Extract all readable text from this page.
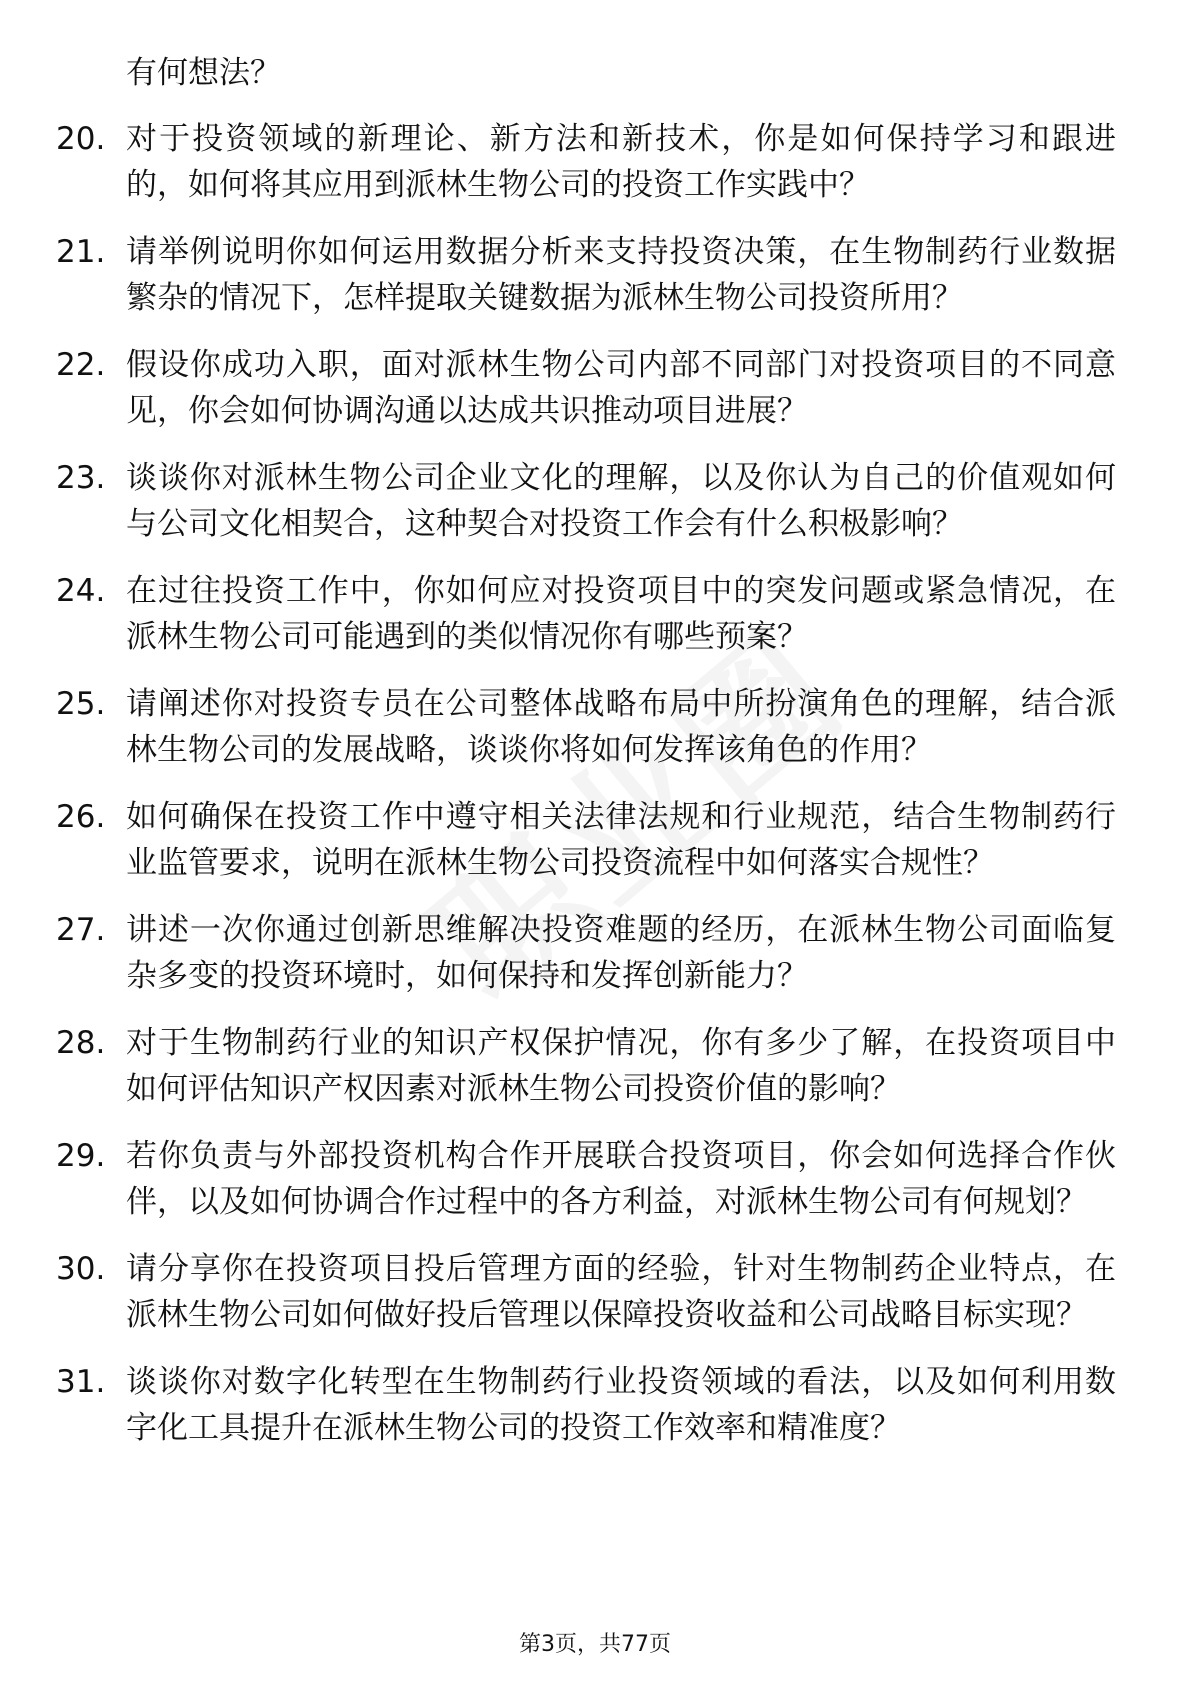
有何想法？
20. 对于投资领域的新理论、新方法和新技术，你是如何保持学习和跟进的，如何将其应用到派林生物公司的投资工作实践中？
21. 请举例说明你如何运用数据分析来支持投资决策，在生物制药行业数据繁杂的情况下，怎样提取关键数据为派林生物公司投资所用？
22. 假设你成功入职，面对派林生物公司内部不同部门对投资项目的不同意见，你会如何协调沟通以达成共识推动项目进展？
23. 谈谈你对派林生物公司企业文化的理解，以及你认为自己的价值观如何与公司文化相契合，这种契合对投资工作会有什么积极影响？
24. 在过往投资工作中，你如何应对投资项目中的突发问题或紧急情况，在派林生物公司可能遇到的类似情况你有哪些预案？
25. 请阐述你对投资专员在公司整体战略布局中所扮演角色的理解，结合派林生物公司的发展战略，谈谈你将如何发挥该角色的作用？
26. 如何确保在投资工作中遵守相关法律法规和行业规范，结合生物制药行业监管要求，说明在派林生物公司投资流程中如何落实合规性？
27. 讲述一次你通过创新思维解决投资难题的经历，在派林生物公司面临复杂多变的投资环境时，如何保持和发挥创新能力？
28. 对于生物制药行业的知识产权保护情况，你有多少了解，在投资项目中如何评估知识产权因素对派林生物公司投资价值的影响？
29. 若你负责与外部投资机构合作开展联合投资项目，你会如何选择合作伙伴，以及如何协调合作过程中的各方利益，对派林生物公司有何规划？
30. 请分享你在投资项目投后管理方面的经验，针对生物制药企业特点，在派林生物公司如何做好投后管理以保障投资收益和公司战略目标实现？
31. 谈谈你对数字化转型在生物制药行业投资领域的看法，以及如何利用数字化工具提升在派林生物公司的投资工作效率和精准度？
第3页，共77页
